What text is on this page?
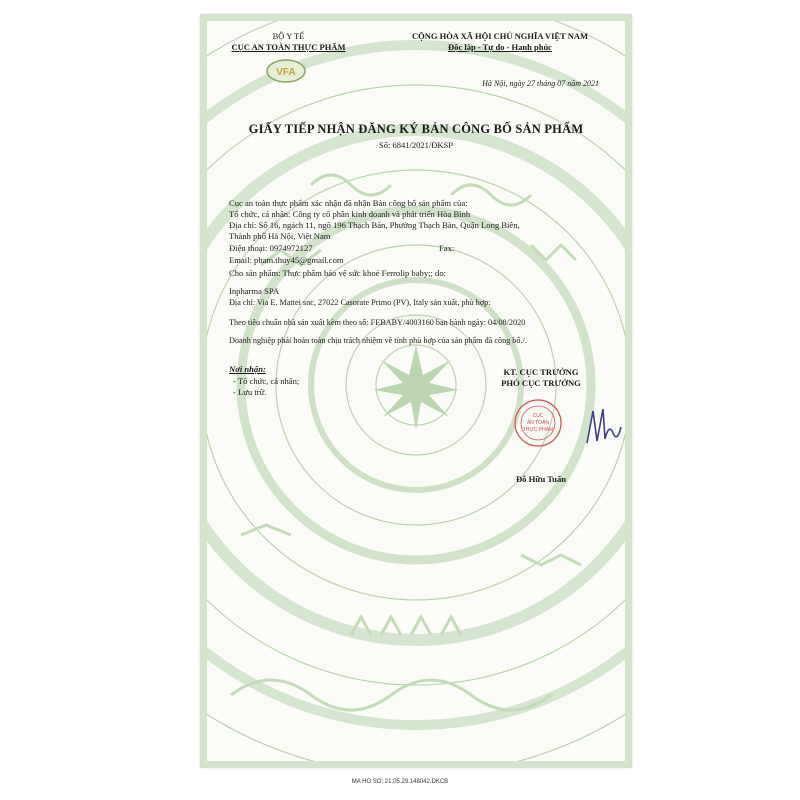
BỘ Y TẾ
CỤC AN TOÀN THỰC PHẨM
VFA
CỘNG HÒA XÃ HỘI CHỦ NGHĨA VIỆT NAM
Độc lập - Tự do - Hạnh phúc
Hà Nội, ngày 27 tháng 07 năm 2021
GIẤY TIẾP NHẬN ĐĂNG KÝ BẢN CÔNG BỐ SẢN PHẨM
Số: 6841/2021/ĐKSP
Cục an toàn thực phẩm xác nhận đã nhận Bản công bố sản phẩm của:
Tổ chức, cá nhân: Công ty cổ phần kinh doanh và phát triển Hòa Bình
Địa chỉ: Số 16, ngách 11, ngõ 196 Thạch Bàn, Phường Thạch Bàn, Quận Long Biên,
Thành phố Hà Nội, Việt Nam
Điện thoại: 0974972127	Fax:
Email: pham.thuy45@gmail.com
Cho sản phẩm: Thực phẩm bảo vệ sức khoẻ Ferrolip baby;; do:
Inpharma SPA
Địa chỉ: Via E. Mattei snc, 27022 Casorate Primo (PV), Italy sản xuất, phù hợp:
Theo tiêu chuẩn nhà sản xuất kèm theo số: FEBABY/4003160 ban hành ngày: 04/08/2020
Doanh nghiệp phải hoàn toàn chịu trách nhiệm về tính phù hợp của sản phẩm đã công bố./.
Nơi nhận:
- Tổ chức, cá nhân;
- Lưu trữ.
KT. CỤC TRƯỞNG
PHÓ CỤC TRƯỞNG
CỤC
AN TOÀN
THỰC PHẨM
Đỗ Hữu Tuấn
MA HO SO: 21.05.29.148042.DKCB
